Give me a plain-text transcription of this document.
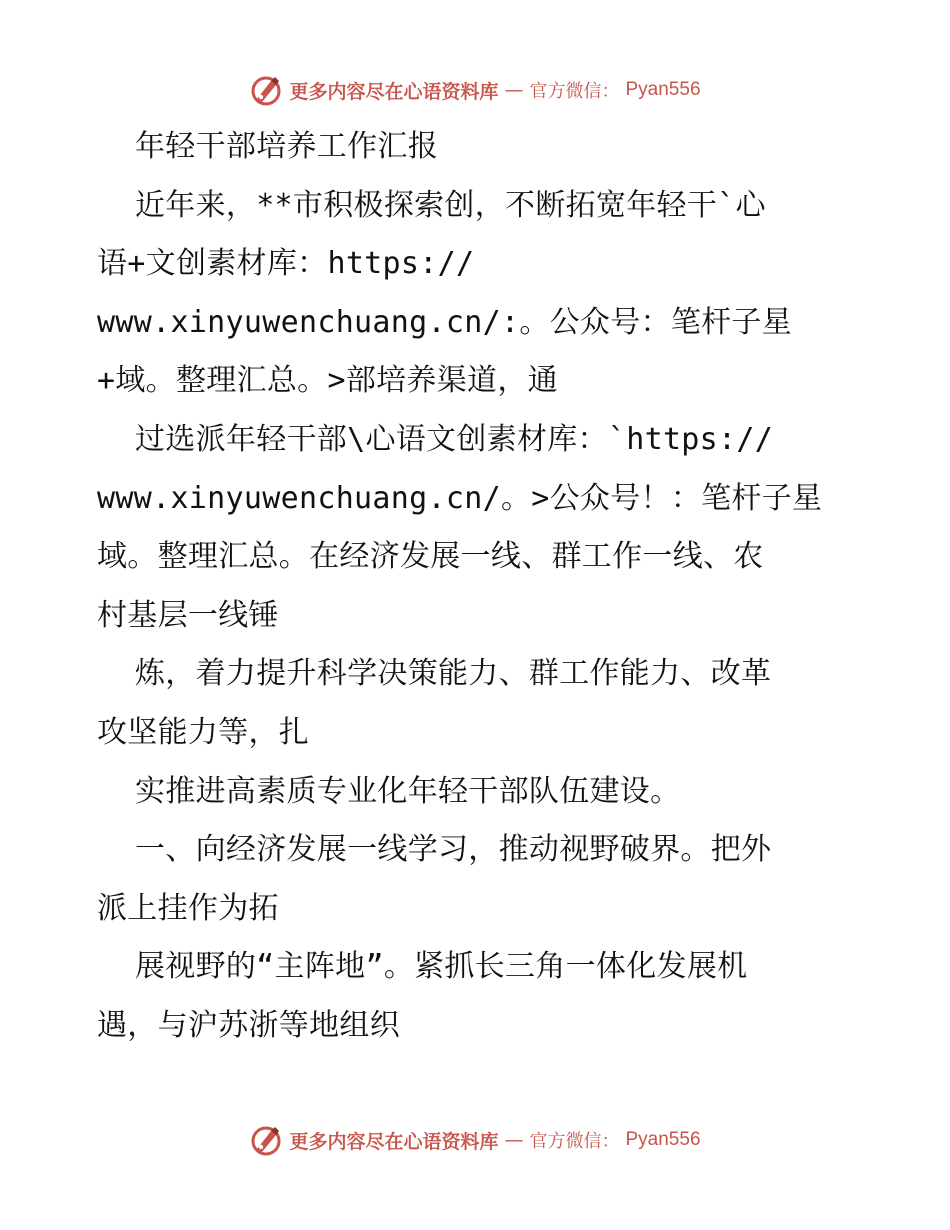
更多内容尽在心语资料库 — 官方微信： Pyan556
年轻干部培养工作汇报
近年来，**市积极探索创，不断拓宽年轻干`心
语+文创素材库：https://
www.xinyuwenchuang.cn/:。公众号：笔杆子星
+域。整理汇总。>部培养渠道，通
过选派年轻干部\心语文创素材库：`https://
www.xinyuwenchuang.cn/。>公众号！：笔杆子星
域。整理汇总。在经济发展一线、群工作一线、农
村基层一线锤
炼，着力提升科学决策能力、群工作能力、改革
攻坚能力等，扎
实推进高素质专业化年轻干部队伍建设。
一、向经济发展一线学习，推动视野破界。把外
派上挂作为拓
展视野的“主阵地”。紧抓长三角一体化发展机
遇，与沪苏浙等地组织
更多内容尽在心语资料库 — 官方微信： Pyan556
